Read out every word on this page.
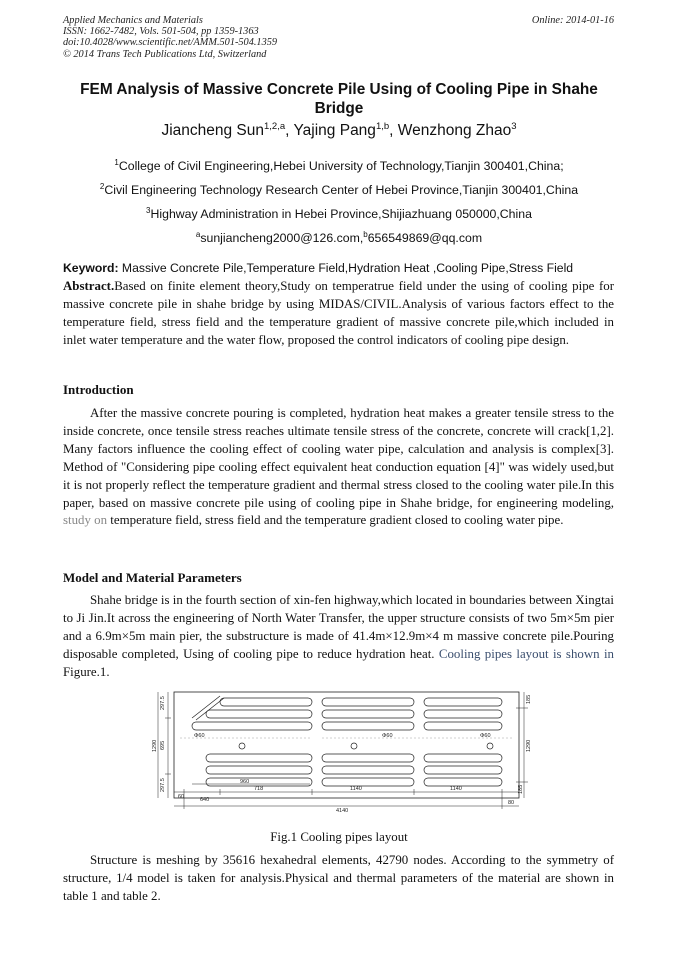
Applied Mechanics and Materials
ISSN: 1662-7482, Vols. 501-504, pp 1359-1363
doi:10.4028/www.scientific.net/AMM.501-504.1359
© 2014 Trans Tech Publications Ltd, Switzerland
Online: 2014-01-16
FEM Analysis of Massive Concrete Pile Using of Cooling Pipe in Shahe Bridge
Jiancheng Sun$^{1,2,a}$, Yajing Pang$^{1,b}$, Wenzhong Zhao$^3$
$^1$College of Civil Engineering,Hebei University of Technology,Tianjin 300401,China;
$^2$Civil Engineering Technology Research Center of Hebei Province,Tianjin 300401,China
$^3$Highway Administration in Hebei Province,Shijiazhuang 050000,China
$^a$sunjiancheng2000@126.com,$^b$656549869@qq.com
Keyword: Massive Concrete Pile,Temperature Field,Hydration Heat ,Cooling Pipe,Stress Field
Abstract.Based on finite element theory,Study on temperatrue field under the using of cooling pipe for massive concrete pile in shahe bridge by using MIDAS/CIVIL.Analysis of various factors effect to the temperature field, stress field and the temperature gradient of massive concrete pile,which included in inlet water temperature and the water flow, proposed the control indicators of cooling pipe design.
Introduction
After the massive concrete pouring is completed, hydration heat makes a greater tensile stress to the inside concrete, once tensile stress reaches ultimate tensile stress of the concrete, concrete will crack[1,2]. Many factors influence the cooling effect of cooling water pipe, calculation and analysis is complex[3]. Method of "Considering pipe cooling effect equivalent heat conduction equation [4]" was widely used,but it is not properly reflect the temperature gradient and thermal stress closed to the cooling water pile.In this paper, based on massive concrete pile using of cooling pipe in Shahe bridge, for engineering modeling, study on temperature field, stress field and the temperature gradient closed to cooling water pipe.
Model and Material Parameters
Shahe bridge is in the fourth section of xin-fen highway,which located in boundaries between Xingtai to Ji Jin.It across the engineering of North Water Transfer, the upper structure consists of two 5m×5m pier and a 6.9m×5m main pier, the substructure is made of 41.4m×12.9m×4 m massive concrete pile.Pouring disposable completed, Using of cooling pipe to reduce hydration heat. Cooling pipes layout is shown in Figure.1.
Φ60	Φ60	Φ60
297.5
695
1290
297.5
185
1290
185
960
60	640
718	1140	1140
80
4140
Fig.1 Cooling pipes layout
Structure is meshing by 35616 hexahedral elements, 42790 nodes. According to the symmetry of structure, 1/4 model is taken for analysis.Physical and thermal parameters of the material are shown in table 1 and table 2.
